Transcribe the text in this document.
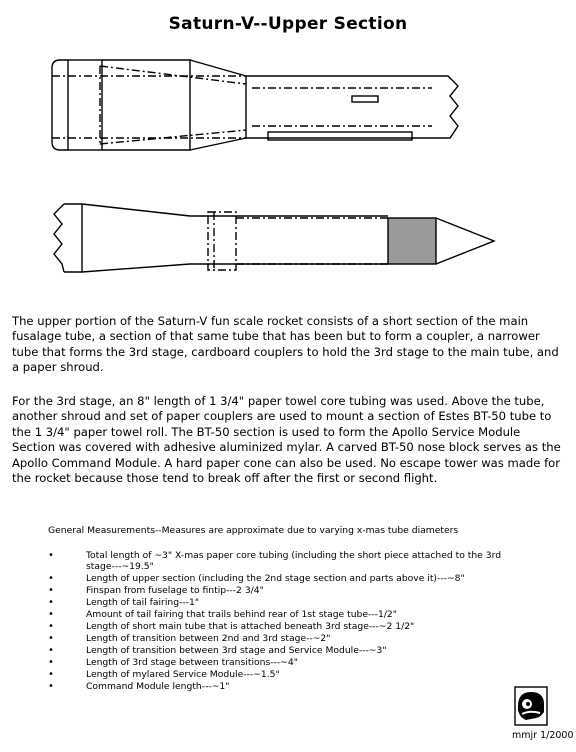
Saturn-V--Upper Section
The upper portion of the Saturn-V fun scale rocket consists of a short section of the main fusalage tube, a section of that same tube that has been but to form a coupler, a narrower tube that forms the 3rd stage, cardboard couplers to hold the 3rd stage to the main tube, and a paper shroud.
For the 3rd stage, an 8" length of 1 3/4" paper towel core tubing was used. Above the tube, another shroud and set of paper couplers are used to mount a section of Estes BT-50 tube to the 1 3/4" paper towel roll. The BT-50 section is used to form the Apollo Service Module Section was covered with adhesive aluminized mylar. A carved BT-50 nose block serves as the Apollo Command Module. A hard paper cone can also be used. No escape tower was made for the rocket because those tend to break off after the first or second flight.
General Measurements--Measures are approximate due to varying x-mas tube diameters
• Total length of ~3" X-mas paper core tubing (including the short piece attached to the 3rd stage---~19.5"
• Length of upper section (including the 2nd stage section and parts above it)---~8"
• Finspan from fuselage to fintip---2 3/4"
• Length of tail fairing---1"
• Amount of tail fairing that trails behind rear of 1st stage tube---1/2"
• Length of short main tube that is attached beneath 3rd stage---~2 1/2"
• Length of transition between 2nd and 3rd stage--~2"
• Length of transition between 3rd stage and Service Module---~3"
• Length of 3rd stage between transitions---~4"
• Length of mylared Service Module---~1.5"
• Command Module length---~1"
mmjr 1/2000
